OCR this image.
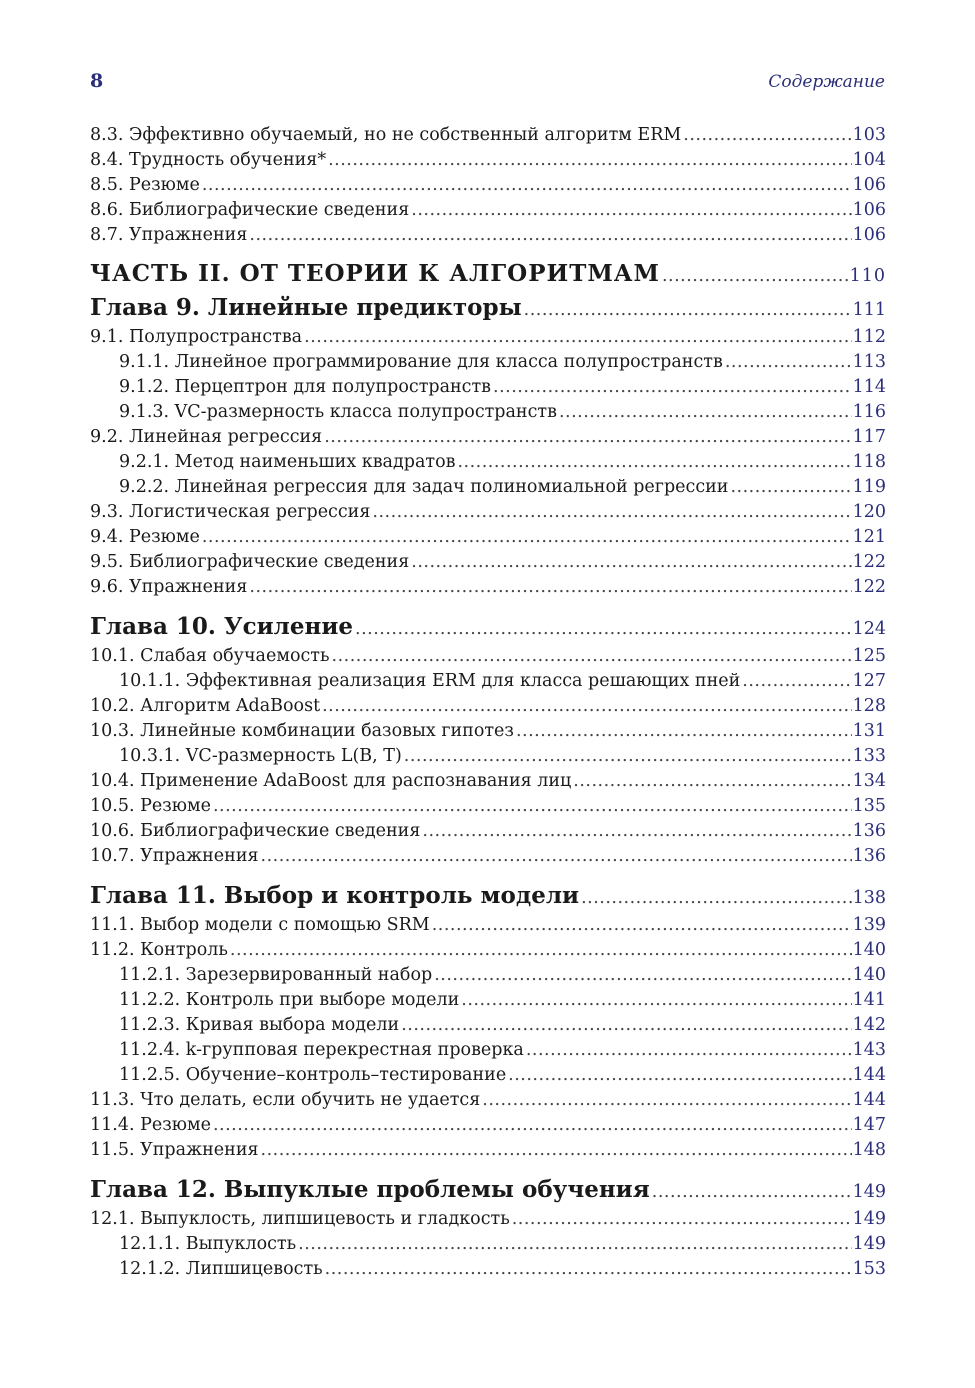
8	Содержание
8.3. Эффективно обучаемый, но не собственный алгоритм ERM .....	103
8.4. Трудность обучения* .....	104
8.5. Резюме .....	106
8.6. Библиографические сведения .....	106
8.7. Упражнения .....	106
ЧАСТЬ II. ОТ ТЕОРИИ К АЛГОРИТМАМ .....	110
Глава 9. Линейные предикторы .....	111
9.1. Полупространства .....	112
9.1.1. Линейное программирование для класса полупространств .....	113
9.1.2. Перцептрон для полупространств .....	114
9.1.3. VC-размерность класса полупространств .....	116
9.2. Линейная регрессия .....	117
9.2.1. Метод наименьших квадратов .....	118
9.2.2. Линейная регрессия для задач полиномиальной регрессии .....	119
9.3. Логистическая регрессия .....	120
9.4. Резюме .....	121
9.5. Библиографические сведения .....	122
9.6. Упражнения .....	122
Глава 10. Усиление .....	124
10.1. Слабая обучаемость .....	125
10.1.1. Эффективная реализация ERM для класса решающих пней .....	127
10.2. Алгоритм AdaBoost .....	128
10.3. Линейные комбинации базовых гипотез .....	131
10.3.1. VC-размерность L(B, T) .....	133
10.4. Применение AdaBoost для распознавания лиц .....	134
10.5. Резюме .....	135
10.6. Библиографические сведения .....	136
10.7. Упражнения .....	136
Глава 11. Выбор и контроль модели .....	138
11.1. Выбор модели с помощью SRM .....	139
11.2. Контроль .....	140
11.2.1. Зарезервированный набор .....	140
11.2.2. Контроль при выборе модели .....	141
11.2.3. Кривая выбора модели .....	142
11.2.4. k-групповая перекрестная проверка .....	143
11.2.5. Обучение–контроль–тестирование .....	144
11.3. Что делать, если обучить не удается .....	144
11.4. Резюме .....	147
11.5. Упражнения .....	148
Глава 12. Выпуклые проблемы обучения .....	149
12.1. Выпуклость, липшицевость и гладкость .....	149
12.1.1. Выпуклость .....	149
12.1.2. Липшицевость .....	153
